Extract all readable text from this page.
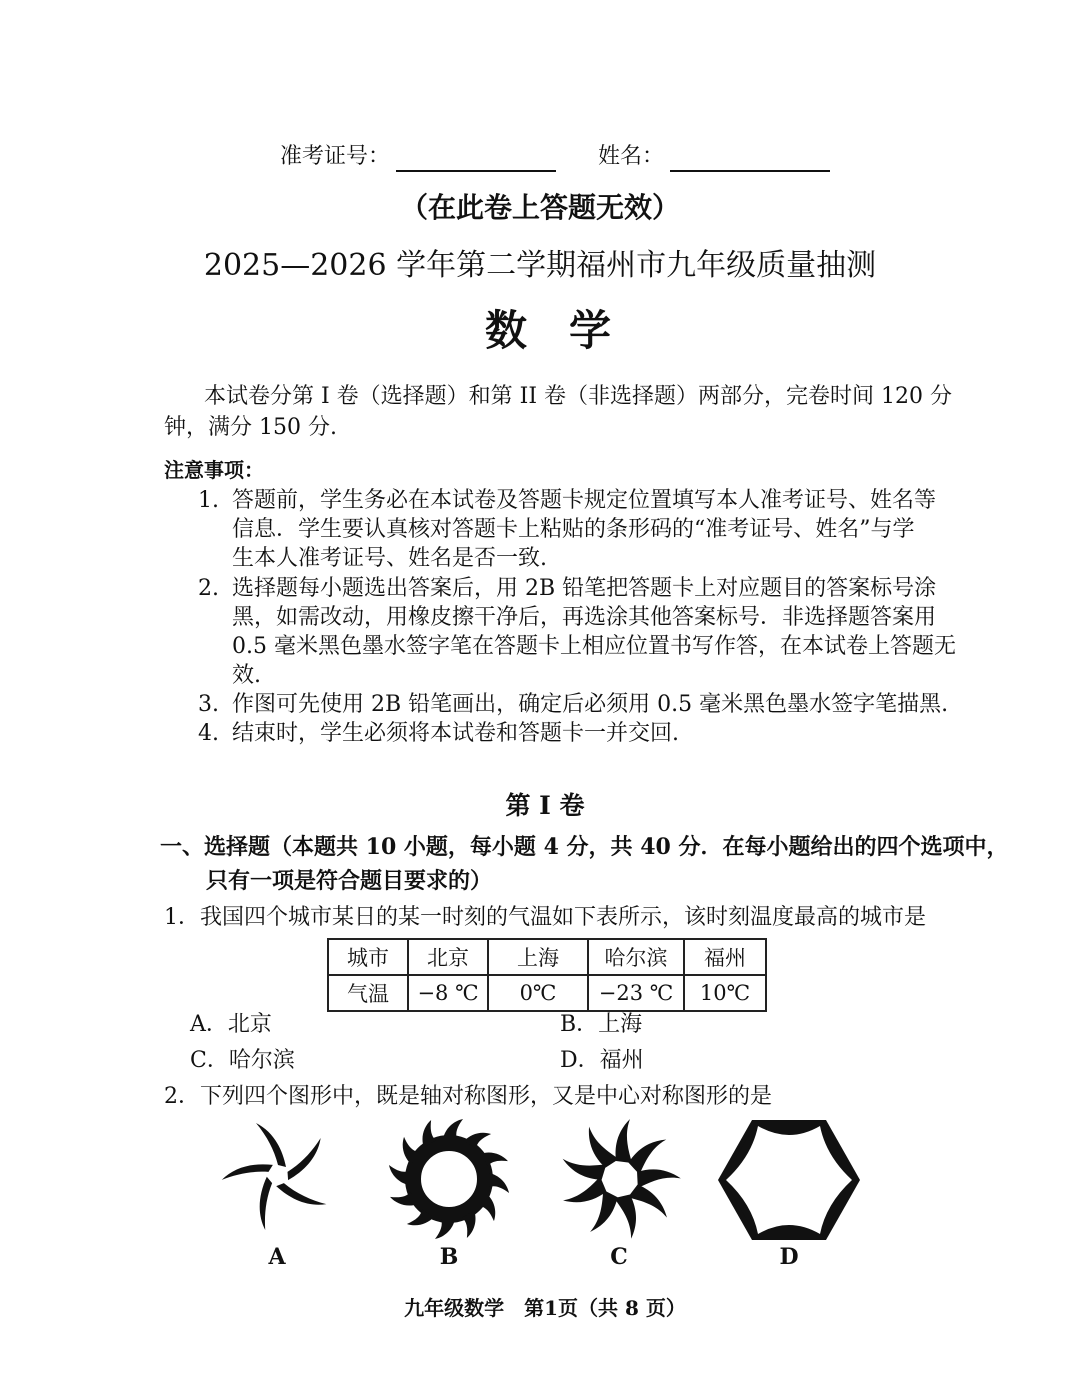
准考证号：	姓名：
（在此卷上答题无效）
2025—2026 学年第二学期福州市九年级质量抽测
数　学
本试卷分第 I 卷（选择题）和第 II 卷（非选择题）两部分，完卷时间 120 分
钟，满分 150 分.
注意事项：
1. 答题前，学生务必在本试卷及答题卡规定位置填写本人准考证号、姓名等
信息．学生要认真核对答题卡上粘贴的条形码的“准考证号、姓名”与学
生本人准考证号、姓名是否一致.
2. 选择题每小题选出答案后，用 2B 铅笔把答题卡上对应题目的答案标号涂
黑，如需改动，用橡皮擦干净后，再选涂其他答案标号．非选择题答案用
0.5 毫米黑色墨水签字笔在答题卡上相应位置书写作答，在本试卷上答题无
效.
3. 作图可先使用 2B 铅笔画出，确定后必须用 0.5 毫米黑色墨水签字笔描黑.
4. 结束时，学生必须将本试卷和答题卡一并交回.
第 I 卷
一、选择题（本题共 10 小题，每小题 4 分，共 40 分．在每小题给出的四个选项中，
只有一项是符合题目要求的）
1．我国四个城市某日的某一时刻的气温如下表所示，该时刻温度最高的城市是
城市	北京	上海	哈尔滨	福州
气温	−8 ℃	0℃	−23 ℃	10℃
A．北京	B．上海
C．哈尔滨	D．福州
2．下列四个图形中，既是轴对称图形，又是中心对称图形的是
A	B	C	D
九年级数学　第1页（共 8 页）
